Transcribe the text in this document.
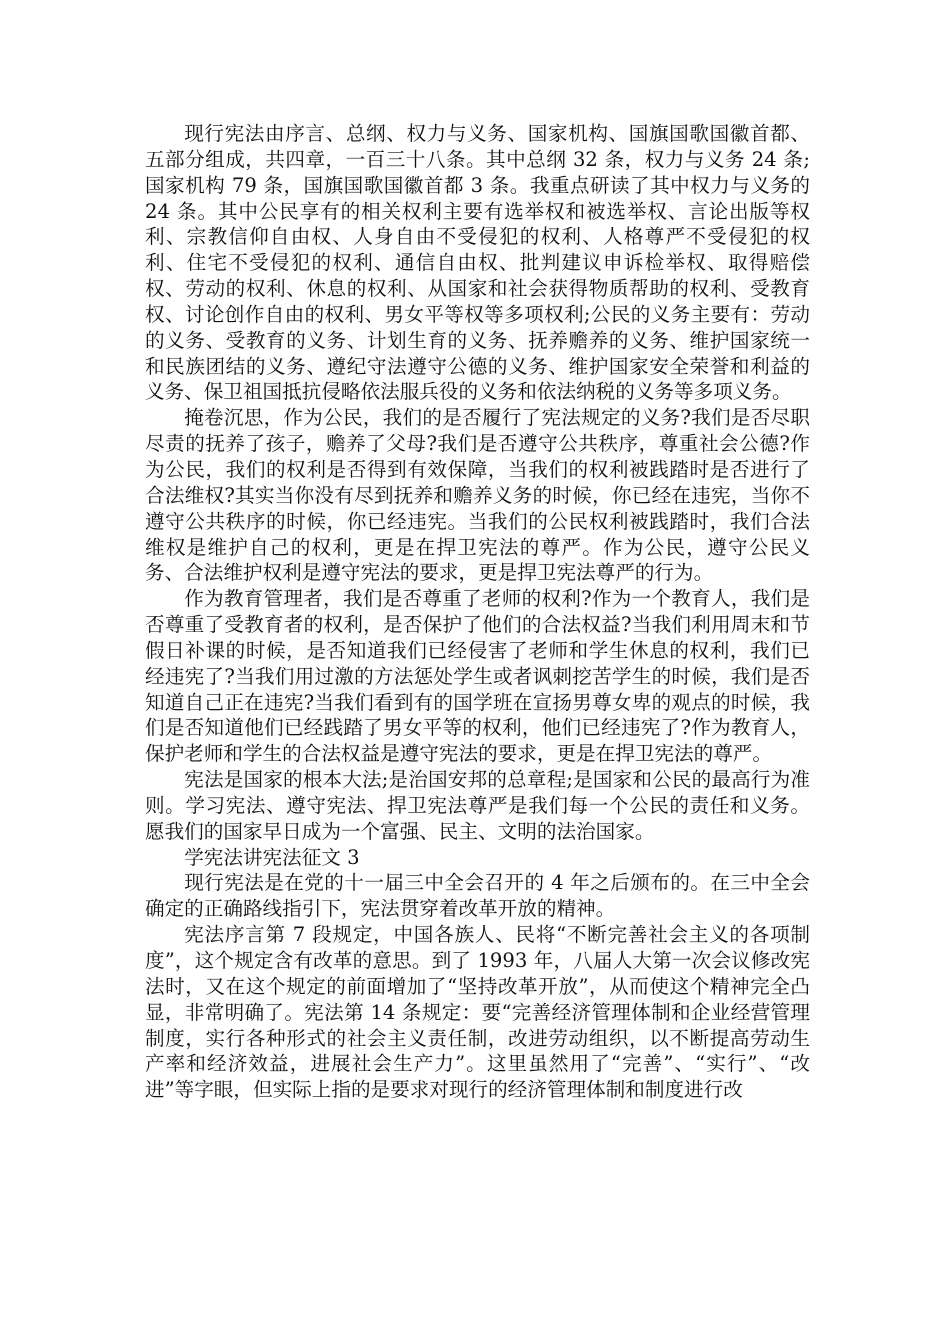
现行宪法由序言、总纲、权力与义务、国家机构、国旗国歌国徽首都、五部分组成，共四章，一百三十八条。其中总纲 32 条，权力与义务 24 条;国家机构 79 条，国旗国歌国徽首都 3 条。我重点研读了其中权力与义务的 24 条。其中公民享有的相关权利主要有选举权和被选举权、言论出版等权利、宗教信仰自由权、人身自由不受侵犯的权利、人格尊严不受侵犯的权利、住宅不受侵犯的权利、通信自由权、批判建议申诉检举权、取得赔偿权、劳动的权利、休息的权利、从国家和社会获得物质帮助的权利、受教育权、讨论创作自由的权利、男女平等权等多项权利;公民的义务主要有：劳动的义务、受教育的义务、计划生育的义务、抚养赡养的义务、维护国家统一和民族团结的义务、遵纪守法遵守公德的义务、维护国家安全荣誉和利益的义务、保卫祖国抵抗侵略依法服兵役的义务和依法纳税的义务等多项义务。

掩卷沉思，作为公民，我们的是否履行了宪法规定的义务?我们是否尽职尽责的抚养了孩子，赡养了父母?我们是否遵守公共秩序，尊重社会公德?作为公民，我们的权利是否得到有效保障，当我们的权利被践踏时是否进行了合法维权?其实当你没有尽到抚养和赡养义务的时候，你已经在违宪，当你不遵守公共秩序的时候，你已经违宪。当我们的公民权利被践踏时，我们合法维权是维护自己的权利，更是在捍卫宪法的尊严。作为公民，遵守公民义务、合法维护权利是遵守宪法的要求，更是捍卫宪法尊严的行为。

作为教育管理者，我们是否尊重了老师的权利?作为一个教育人，我们是否尊重了受教育者的权利，是否保护了他们的合法权益?当我们利用周末和节假日补课的时候，是否知道我们已经侵害了老师和学生休息的权利，我们已经违宪了?当我们用过激的方法惩处学生或者讽刺挖苦学生的时候，我们是否知道自己正在违宪?当我们看到有的国学班在宣扬男尊女卑的观点的时候，我们是否知道他们已经践踏了男女平等的权利，他们已经违宪了?作为教育人，保护老师和学生的合法权益是遵守宪法的要求，更是在捍卫宪法的尊严。

宪法是国家的根本大法;是治国安邦的总章程;是国家和公民的最高行为准则。学习宪法、遵守宪法、捍卫宪法尊严是我们每一个公民的责任和义务。愿我们的国家早日成为一个富强、民主、文明的法治国家。

学宪法讲宪法征文 3

现行宪法是在党的十一届三中全会召开的 4 年之后颁布的。在三中全会确定的正确路线指引下，宪法贯穿着改革开放的精神。

宪法序言第 7 段规定，中国各族人、民将“不断完善社会主义的各项制度”，这个规定含有改革的意思。到了 1993 年，八届人大第一次会议修改宪法时，又在这个规定的前面增加了“坚持改革开放”，从而使这个精神完全凸显，非常明确了。宪法第 14 条规定：要“完善经济管理体制和企业经营管理制度，实行各种形式的社会主义责任制，改进劳动组织，以不断提高劳动生产率和经济效益，进展社会生产力”。这里虽然用了“完善”、“实行”、“改进”等字眼，但实际上指的是要求对现行的经济管理体制和制度进行改
